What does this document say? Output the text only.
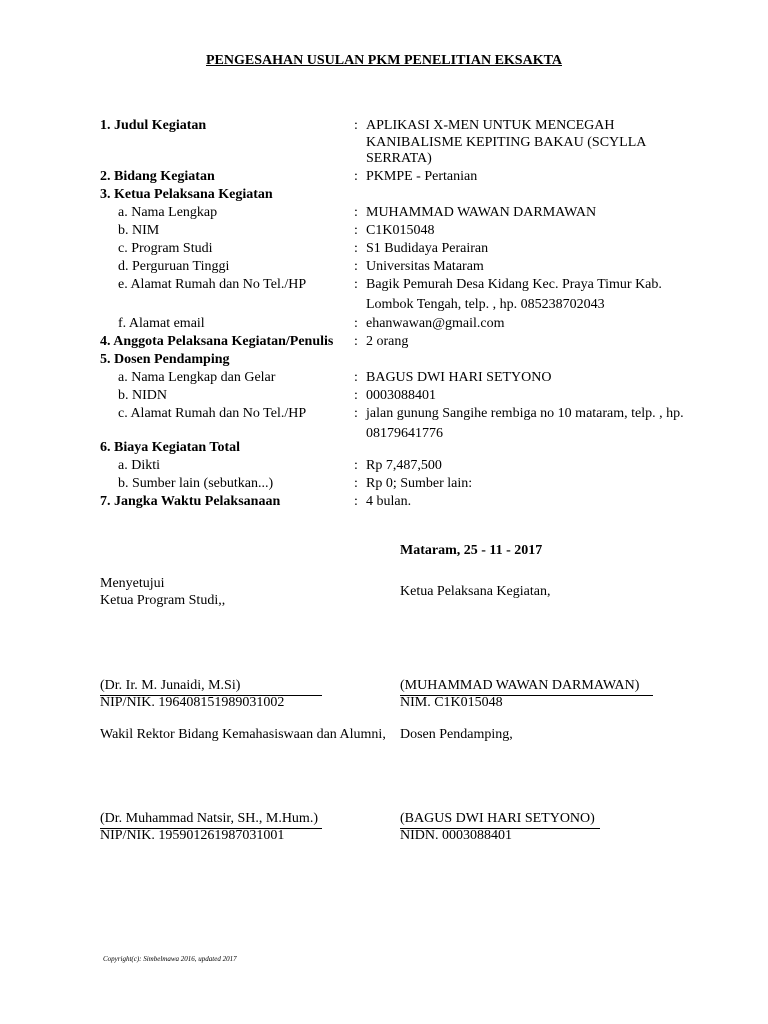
PENGESAHAN USULAN PKM PENELITIAN EKSAKTA
1. Judul Kegiatan	: APLIKASI X-MEN UNTUK MENCEGAH
KANIBALISME KEPITING BAKAU (SCYLLA
SERRATA)
2. Bidang Kegiatan	: PKMPE - Pertanian
3. Ketua Pelaksana Kegiatan
a. Nama Lengkap	: MUHAMMAD WAWAN DARMAWAN
b. NIM	: C1K015048
c. Program Studi	: S1 Budidaya Perairan
d. Perguruan Tinggi	: Universitas Mataram
e. Alamat Rumah dan No Tel./HP	: Bagik Pemurah Desa Kidang Kec. Praya Timur Kab.
Lombok Tengah, telp. , hp. 085238702043
f. Alamat email	: ehanwawan@gmail.com
4. Anggota Pelaksana Kegiatan/Penulis : 2 orang
5. Dosen Pendamping
a. Nama Lengkap dan Gelar	: BAGUS DWI HARI SETYONO
b. NIDN	: 0003088401
c. Alamat Rumah dan No Tel./HP	: jalan gunung Sangihe rembiga no 10 mataram, telp. , hp.
08179641776
6. Biaya Kegiatan Total
a. Dikti	: Rp 7,487,500
b. Sumber lain (sebutkan...)	: Rp 0; Sumber lain:
7. Jangka Waktu Pelaksanaan	: 4 bulan.
Mataram, 25 - 11 - 2017
Menyetujui
Ketua Program Studi,,
Ketua Pelaksana Kegiatan,
(Dr. Ir. M. Junaidi, M.Si)
NIP/NIK. 196408151989031002
(MUHAMMAD WAWAN DARMAWAN)
NIM. C1K015048
Wakil Rektor Bidang Kemahasiswaan dan Alumni, Dosen Pendamping,
(Dr. Muhammad Natsir, SH., M.Hum.)
NIP/NIK. 195901261987031001
(BAGUS DWI HARI SETYONO)
NIDN. 0003088401
Copyright(c): Simbelmawa 2016, updated 2017
